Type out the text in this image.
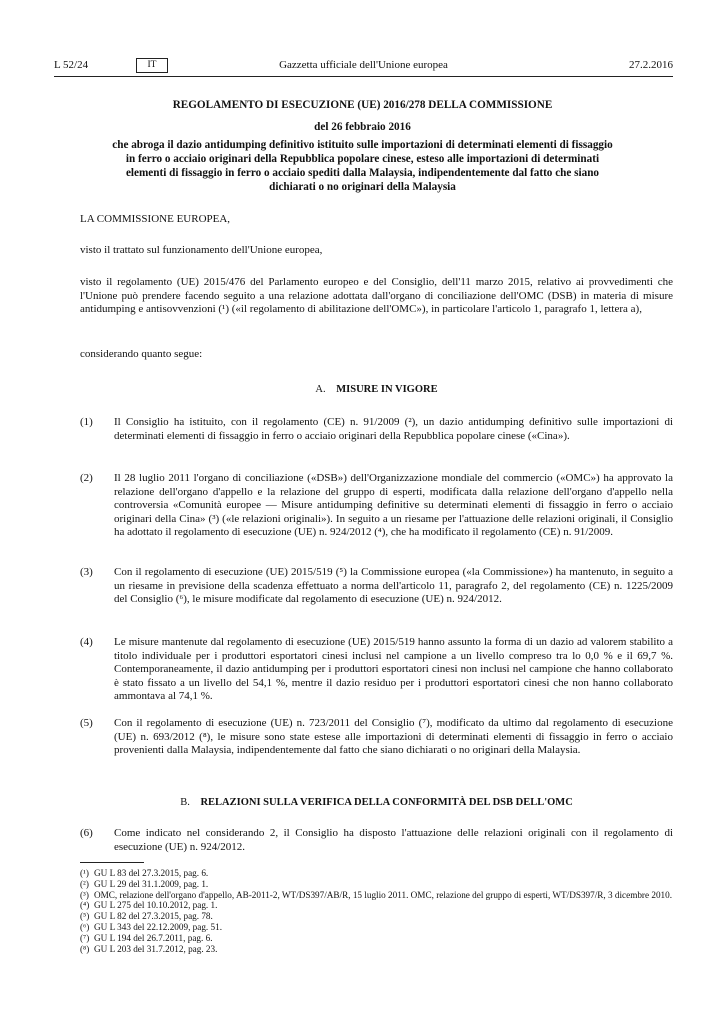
L 52/24	IT	Gazzetta ufficiale dell'Unione europea	27.2.2016
REGOLAMENTO DI ESECUZIONE (UE) 2016/278 DELLA COMMISSIONE
del 26 febbraio 2016
che abroga il dazio antidumping definitivo istituito sulle importazioni di determinati elementi di fissaggio in ferro o acciaio originari della Repubblica popolare cinese, esteso alle importazioni di determinati elementi di fissaggio in ferro o acciaio spediti dalla Malaysia, indipendentemente dal fatto che siano dichiarati o no originari della Malaysia
LA COMMISSIONE EUROPEA,
visto il trattato sul funzionamento dell'Unione europea,
visto il regolamento (UE) 2015/476 del Parlamento europeo e del Consiglio, dell'11 marzo 2015, relativo ai provvedimenti che l'Unione può prendere facendo seguito a una relazione adottata dall'organo di conciliazione dell'OMC (DSB) in materia di misure antidumping e antisovvenzioni (¹) («il regolamento di abilitazione dell'OMC»), in particolare l'articolo 1, paragrafo 1, lettera a),
considerando quanto segue:
A. MISURE IN VIGORE
(1) Il Consiglio ha istituito, con il regolamento (CE) n. 91/2009 (²), un dazio antidumping definitivo sulle importazioni di determinati elementi di fissaggio in ferro o acciaio originari della Repubblica popolare cinese («Cina»).
(2) Il 28 luglio 2011 l'organo di conciliazione («DSB») dell'Organizzazione mondiale del commercio («OMC») ha approvato la relazione dell'organo d'appello e la relazione del gruppo di esperti, modificata dalla relazione dell'organo d'appello nella controversia «Comunità europee — Misure antidumping definitive su determinati elementi di fissaggio in ferro o acciaio originari della Cina» (³) («le relazioni originali»). In seguito a un riesame per l'attuazione delle relazioni originali, il Consiglio ha adottato il regolamento di esecuzione (UE) n. 924/2012 (⁴), che ha modificato il regolamento (CE) n. 91/2009.
(3) Con il regolamento di esecuzione (UE) 2015/519 (⁵) la Commissione europea («la Commissione») ha mantenuto, in seguito a un riesame in previsione della scadenza effettuato a norma dell'articolo 11, paragrafo 2, del regolamento (CE) n. 1225/2009 del Consiglio (⁶), le misure modificate dal regolamento di esecuzione (UE) n. 924/2012.
(4) Le misure mantenute dal regolamento di esecuzione (UE) 2015/519 hanno assunto la forma di un dazio ad valorem stabilito a titolo individuale per i produttori esportatori cinesi inclusi nel campione a un livello compreso tra lo 0,0 % e il 69,7 %. Contemporaneamente, il dazio antidumping per i produttori esportatori cinesi non inclusi nel campione che hanno collaborato è stato fissato a un livello del 54,1 %, mentre il dazio residuo per i produttori esportatori cinesi che non hanno collaborato ammontava al 74,1 %.
(5) Con il regolamento di esecuzione (UE) n. 723/2011 del Consiglio (⁷), modificato da ultimo dal regolamento di esecuzione (UE) n. 693/2012 (⁸), le misure sono state estese alle importazioni di determinati elementi di fissaggio in ferro o acciaio provenienti dalla Malaysia, indipendentemente dal fatto che siano dichiarati o no originari della Malaysia.
B. RELAZIONI SULLA VERIFICA DELLA CONFORMITÀ DEL DSB DELL'OMC
(6) Come indicato nel considerando 2, il Consiglio ha disposto l'attuazione delle relazioni originali con il regolamento di esecuzione (UE) n. 924/2012.
(¹) GU L 83 del 27.3.2015, pag. 6.
(²) GU L 29 del 31.1.2009, pag. 1.
(³) OMC, relazione dell'organo d'appello, AB-2011-2, WT/DS397/AB/R, 15 luglio 2011. OMC, relazione del gruppo di esperti, WT/DS397/R, 3 dicembre 2010.
(⁴) GU L 275 del 10.10.2012, pag. 1.
(⁵) GU L 82 del 27.3.2015, pag. 78.
(⁶) GU L 343 del 22.12.2009, pag. 51.
(⁷) GU L 194 del 26.7.2011, pag. 6.
(⁸) GU L 203 del 31.7.2012, pag. 23.
